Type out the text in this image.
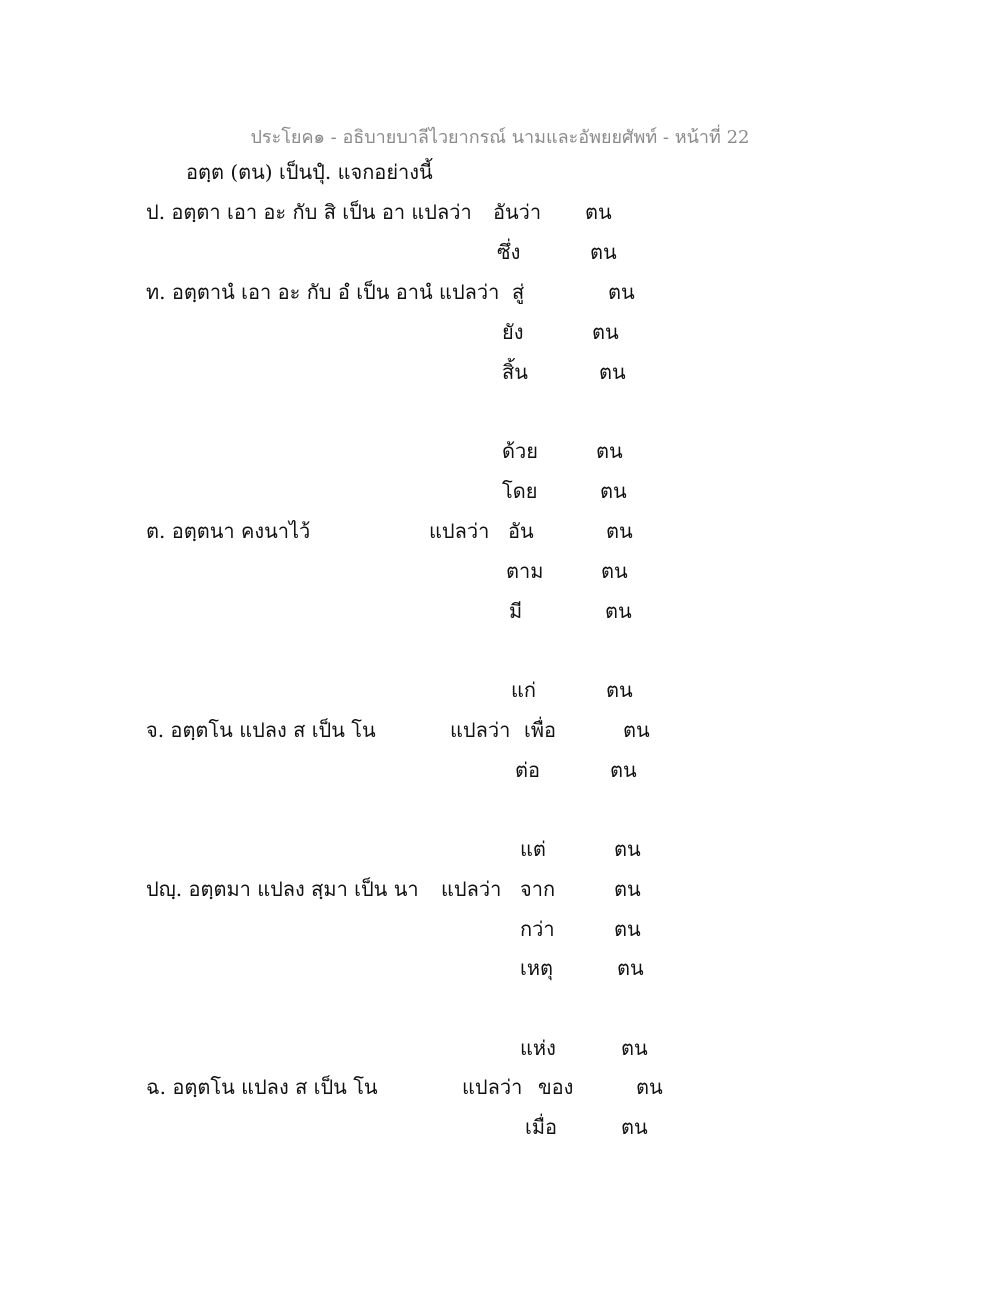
ประโยค๑ - อธิบายบาลีไวยากรณ์ นามและอัพยยศัพท์ - หน้าที่ 22
อตฺต (ตน) เป็นปุํ. แจกอย่างนี้
ป. อตฺตา เอา อะ กับ สิ เป็น อา แปลว่า อันว่า ตน
ซึ่ง	ตน
ท. อตฺตานํ เอา อะ กับ อํ เป็น อานํ แปลว่า สู่	ตน
ยัง	ตน
สิ้น	ตน
ด้วย	ตน
โดย	ตน
ต. อตฺตนา คงนาไว้	แปลว่า อัน	ตน
ตาม	ตน
มี	ตน
แก่	ตน
จ. อตฺตโน แปลง ส เป็น โน	แปลว่า เพื่อ	ตน
ต่อ	ตน
แต่	ตน
ปญฺ. อตฺตมา แปลง สฺมา เป็น นา แปลว่า จาก	ตน
กว่า	ตน
เหตุ	ตน
แห่ง	ตน
ฉ. อตฺตโน แปลง ส เป็น โน	แปลว่า ของ	ตน
เมื่อ	ตน
